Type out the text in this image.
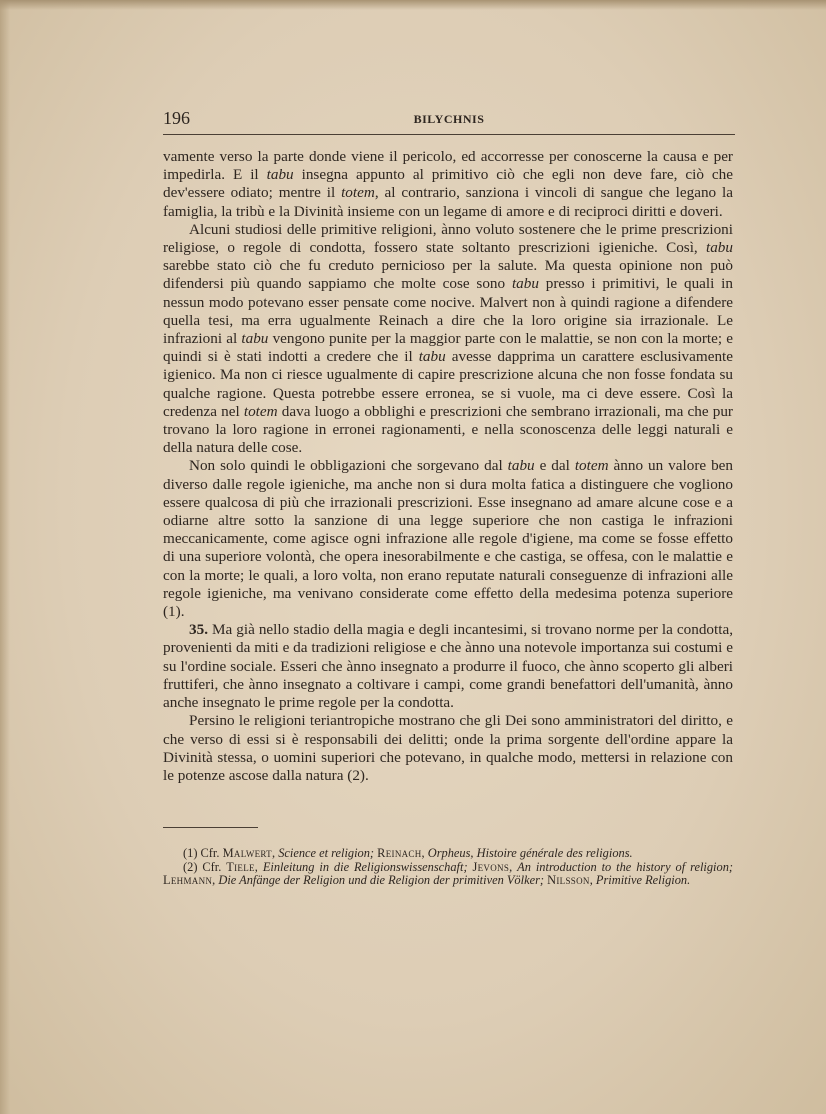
196	BILYCHNIS

vamente verso la parte donde viene il pericolo, ed accorresse per conoscerne la causa e per impedirla. E il tabu insegna appunto al primitivo ciò che egli non deve fare, ciò che dev'essere odiato; mentre il totem, al contrario, sanziona i vincoli di sangue che legano la famiglia, la tribù e la Divinità insieme con un legame di amore e di reciproci diritti e doveri.

Alcuni studiosi delle primitive religioni, ànno voluto sostenere che le prime prescrizioni religiose, o regole di condotta, fossero state soltanto prescrizioni igieniche. Così, tabu sarebbe stato ciò che fu creduto pernicioso per la salute. Ma questa opinione non può difendersi più quando sappiamo che molte cose sono tabu presso i primitivi, le quali in nessun modo potevano esser pensate come nocive. Malvert non à quindi ragione a difendere quella tesi, ma erra ugualmente Reinach a dire che la loro origine sia irrazionale. Le infrazioni al tabu vengono punite per la maggior parte con le malattie, se non con la morte; e quindi si è stati indotti a credere che il tabu avesse dapprima un carattere esclusivamente igienico. Ma non ci riesce ugualmente di capire prescrizione alcuna che non fosse fondata su qualche ragione. Questa potrebbe essere erronea, se si vuole, ma ci deve essere. Così la credenza nel totem dava luogo a obblighi e prescrizioni che sembrano irrazionali, ma che pur trovano la loro ragione in erronei ragionamenti, e nella sconoscenza delle leggi naturali e della natura delle cose.

Non solo quindi le obbligazioni che sorgevano dal tabu e dal totem ànno un valore ben diverso dalle regole igieniche, ma anche non si dura molta fatica a distinguere che vogliono essere qualcosa di più che irrazionali prescrizioni. Esse insegnano ad amare alcune cose e a odiarne altre sotto la sanzione di una legge superiore che non castiga le infrazioni meccanicamente, come agisce ogni infrazione alle regole d'igiene, ma come se fosse effetto di una superiore volontà, che opera inesorabilmente e che castiga, se offesa, con le malattie e con la morte; le quali, a loro volta, non erano reputate naturali conseguenze di infrazioni alle regole igieniche, ma venivano considerate come effetto della medesima potenza superiore (1).

35. Ma già nello stadio della magia e degli incantesimi, si trovano norme per la condotta, provenienti da miti e da tradizioni religiose e che ànno una notevole importanza sui costumi e su l'ordine sociale. Esseri che ànno insegnato a produrre il fuoco, che ànno scoperto gli alberi fruttiferi, che ànno insegnato a coltivare i campi, come grandi benefattori dell'umanità, ànno anche insegnato le prime regole per la condotta.

Persino le religioni teriantropiche mostrano che gli Dei sono amministratori del diritto, e che verso di essi si è responsabili dei delitti; onde la prima sorgente dell'ordine appare la Divinità stessa, o uomini superiori che potevano, in qualche modo, mettersi in relazione con le potenze ascose dalla natura (2).

(1) Cfr. Malwert, Science et religion; Reinach, Orpheus, Histoire générale des religions.

(2) Cfr. Tiele, Einleitung in die Religionswissenschaft; Jevons, An introduction to the history of religion; Lehmann, Die Anfänge der Religion und die Religion der primitiven Völker; Nilsson, Primitive Religion.
